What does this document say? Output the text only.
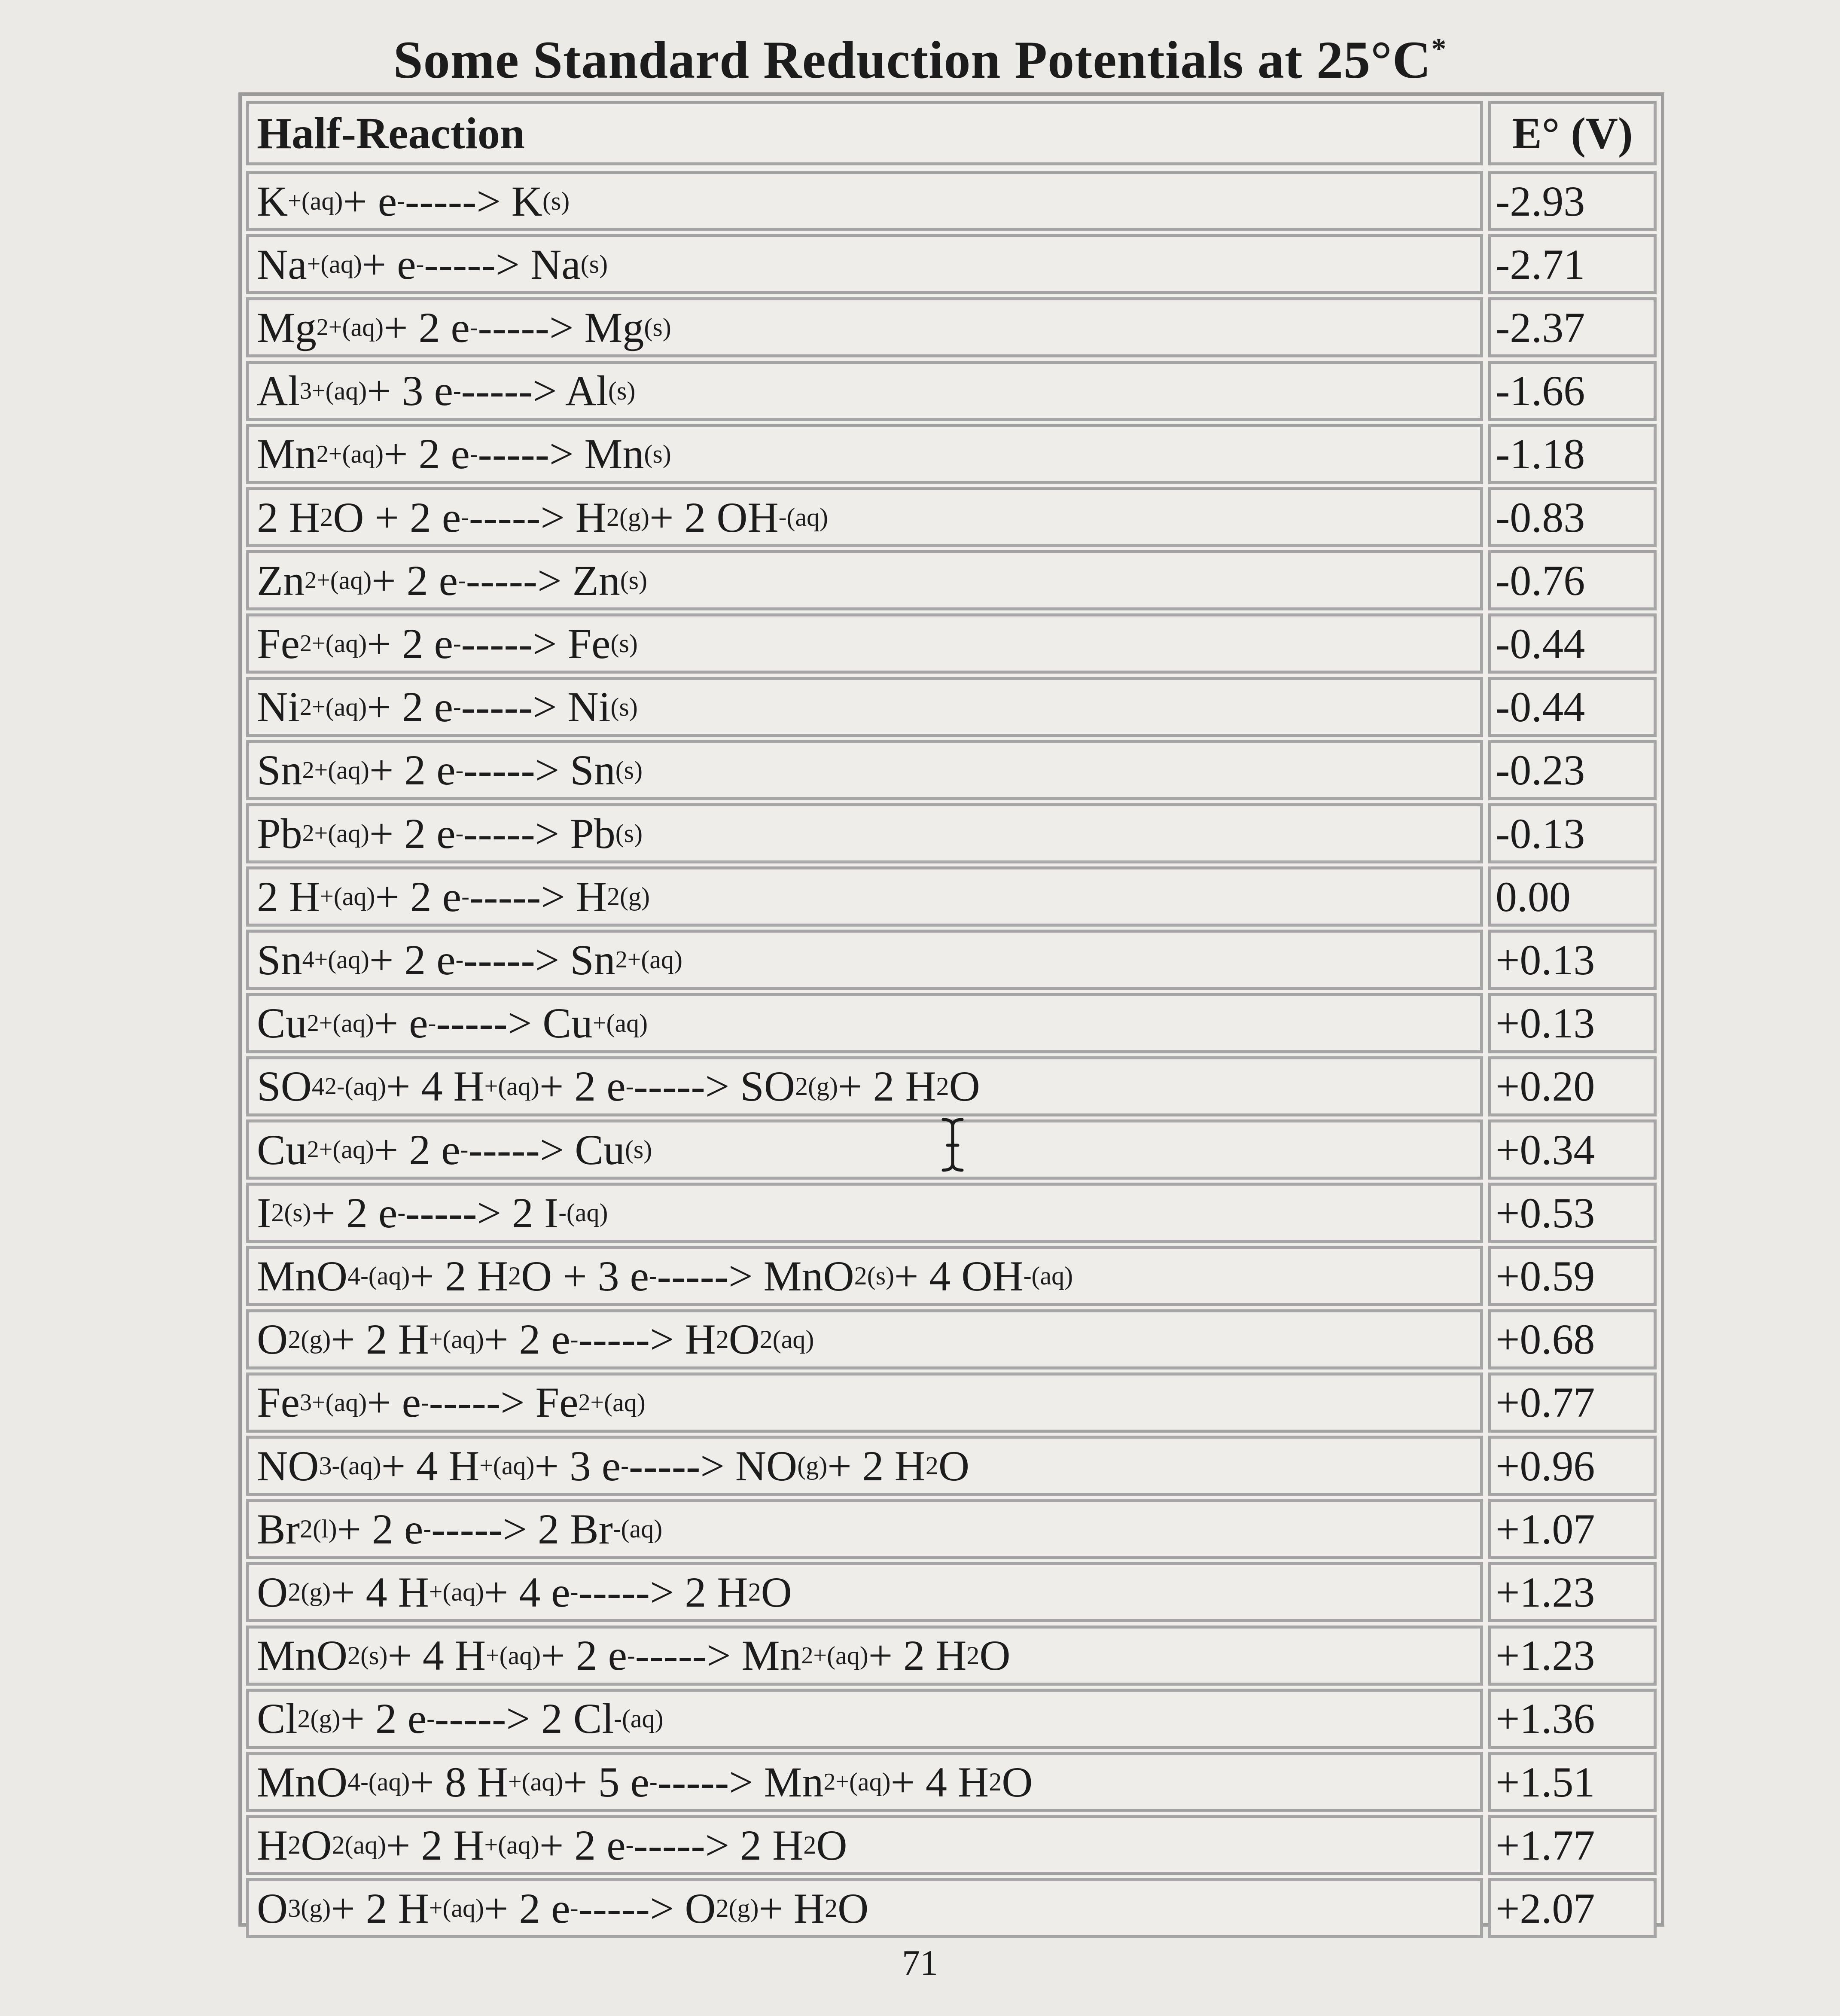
Some Standard Reduction Potentials at 25°C*
Half-Reaction	E° (V)
K + (aq) + e - -----> K (s)	-2.93
Na + (aq) + e - -----> Na (s)	-2.71
Mg 2+ (aq) + 2 e - -----> Mg (s)	-2.37
Al 3+ (aq) + 3 e - -----> Al (s)	-1.66
Mn 2+ (aq) + 2 e - -----> Mn (s)	-1.18
2 H 2 O + 2 e - -----> H 2(g) + 2 OH - (aq)	-0.83
Zn 2+ (aq) + 2 e - -----> Zn (s)	-0.76
Fe 2+ (aq) + 2 e - -----> Fe (s)	-0.44
Ni 2+ (aq) + 2 e - -----> Ni (s)	-0.44
Sn 2+ (aq) + 2 e - -----> Sn (s)	-0.23
Pb 2+ (aq) + 2 e - -----> Pb (s)	-0.13
2 H + (aq) + 2 e - -----> H 2(g)	0.00
Sn 4+ (aq) + 2 e - -----> Sn 2+ (aq)	+0.13
Cu 2+ (aq) + e - -----> Cu + (aq)	+0.13
SO 4 2- (aq) + 4 H + (aq) + 2 e - -----> SO 2(g) + 2 H 2 O	+0.20
Cu 2+ (aq) + 2 e - -----> Cu (s)	+0.34
I 2(s) + 2 e - -----> 2 I - (aq)	+0.53
MnO 4 - (aq) + 2 H 2 O + 3 e - -----> MnO 2(s) + 4 OH - (aq)	+0.59
O 2(g) + 2 H + (aq) + 2 e - -----> H 2 O 2(aq)	+0.68
Fe 3+ (aq) + e - -----> Fe 2+ (aq)	+0.77
NO 3 - (aq) + 4 H + (aq) + 3 e - -----> NO (g) + 2 H 2 O	+0.96
Br 2(l) + 2 e - -----> 2 Br - (aq)	+1.07
O 2(g) + 4 H + (aq) + 4 e - -----> 2 H 2 O	+1.23
MnO 2(s) + 4 H + (aq) + 2 e - -----> Mn 2+ (aq) + 2 H 2 O	+1.23
Cl 2(g) + 2 e - -----> 2 Cl - (aq)	+1.36
MnO 4 - (aq) + 8 H + (aq) + 5 e - -----> Mn 2+ (aq) + 4 H 2 O	+1.51
H 2 O 2(aq) + 2 H + (aq) + 2 e - -----> 2 H 2 O	+1.77
O 3(g) + 2 H + (aq) + 2 e - -----> O 2(g) + H 2 O	+2.07
71
